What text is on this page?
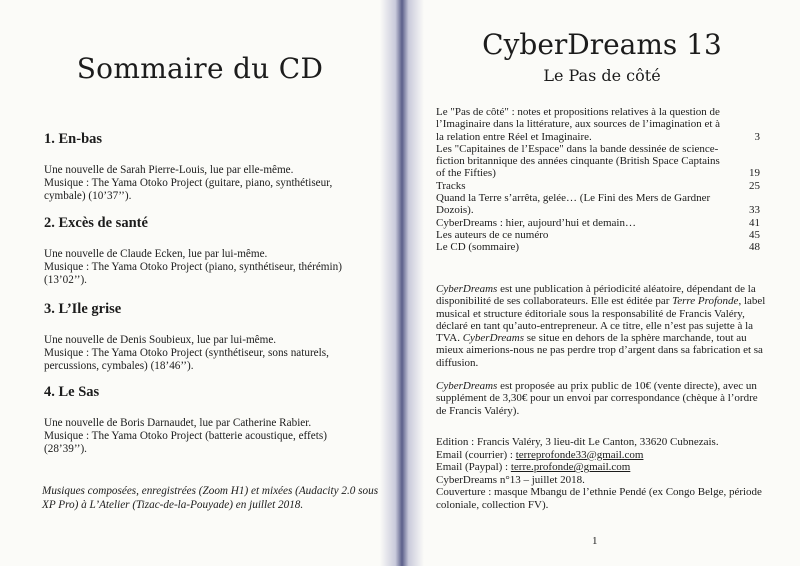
Sommaire du CD
1. En-bas

Une nouvelle de Sarah Pierre-Louis, lue par elle-même.

Musique : The Yama Otoko Project (guitare, piano, synthétiseur, cymbale) (10’37’’).

2. Excès de santé

Une nouvelle de Claude Ecken, lue par lui-même.

Musique : The Yama Otoko Project (piano, synthétiseur, thérémin) (13’02’’).

3. L’Ile grise

Une nouvelle de Denis Soubieux, lue par lui-même.

Musique : The Yama Otoko Project (synthétiseur, sons naturels, percussions, cymbales) (18’46’’).

4. Le Sas

Une nouvelle de Boris Darnaudet, lue par Catherine Rabier.

Musique : The Yama Otoko Project (batterie acoustique, effets) (28’39’’).

Musiques composées, enregistrées (Zoom H1) et mixées (Audacity 2.0 sous XP Pro) à L’Atelier (Tizac-de-la-Pouyade) en juillet 2018.
CyberDreams 13
Le Pas de côté
Le "Pas de côté" : notes et propositions relatives à la question de l’Imaginaire dans la littérature, aux sources de l’imagination et à la relation entre Réel et Imaginaire.	3
Les "Capitaines de l’Espace" dans la bande dessinée de science-fiction britannique des années cinquante (British Space Captains of the Fifties)	19
Tracks	25
Quand la Terre s’arrêta, gelée… (Le Fini des Mers de Gardner Dozois).	33
CyberDreams : hier, aujourd’hui et demain…	41
Les auteurs de ce numéro	45
Le CD (sommaire)	48

CyberDreams est une publication à périodicité aléatoire, dépendant de la disponibilité de ses collaborateurs. Elle est éditée par Terre Profonde, label musical et structure éditoriale sous la responsabilité de Francis Valéry, déclaré en tant qu’auto-entrepreneur. A ce titre, elle n’est pas sujette à la TVA. CyberDreams se situe en dehors de la sphère marchande, tout au mieux aimerions-nous ne pas perdre trop d’argent dans sa fabrication et sa diffusion.

CyberDreams est proposée au prix public de 10€ (vente directe), avec un supplément de 3,30€ pour un envoi par correspondance (chèque à l’ordre de Francis Valéry).

Edition : Francis Valéry, 3 lieu-dit Le Canton, 33620 Cubnezais.
Email (courrier) : terreprofonde33@gmail.com
Email (Paypal) : terre.profonde@gmail.com
CyberDreams n°13 – juillet 2018.
Couverture : masque Mbangu de l’ethnie Pendé (ex Congo Belge, période coloniale, collection FV).
1
